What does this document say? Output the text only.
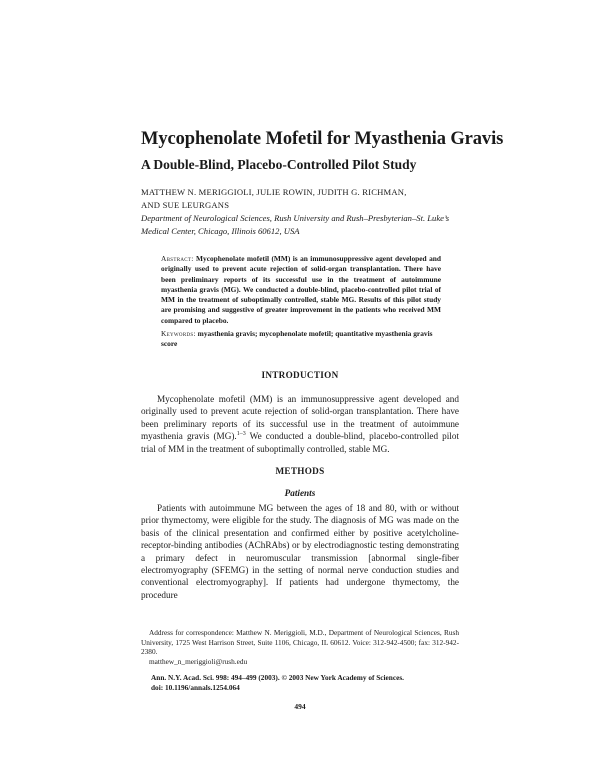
Mycophenolate Mofetil for Myasthenia Gravis
A Double-Blind, Placebo-Controlled Pilot Study
MATTHEW N. MERIGGIOLI, JULIE ROWIN, JUDITH G. RICHMAN,
AND SUE LEURGANS
Department of Neurological Sciences, Rush University and Rush–Presbyterian–St. Luke’s Medical Center, Chicago, Illinois 60612, USA
Abstract: Mycophenolate mofetil (MM) is an immunosuppressive agent developed and originally used to prevent acute rejection of solid-organ transplantation. There have been preliminary reports of its successful use in the treatment of autoimmune myasthenia gravis (MG). We conducted a double-blind, placebo-controlled pilot trial of MM in the treatment of suboptimally controlled, stable MG. Results of this pilot study are promising and suggestive of greater improvement in the patients who received MM compared to placebo.
Keywords: myasthenia gravis; mycophenolate mofetil; quantitative myasthenia gravis score
INTRODUCTION
Mycophenolate mofetil (MM) is an immunosuppressive agent developed and originally used to prevent acute rejection of solid-organ transplantation. There have been preliminary reports of its successful use in the treatment of autoimmune myasthenia gravis (MG).$^{1-3}$ We conducted a double-blind, placebo-controlled pilot trial of MM in the treatment of suboptimally controlled, stable MG.
METHODS
Patients
Patients with autoimmune MG between the ages of 18 and 80, with or without prior thymectomy, were eligible for the study. The diagnosis of MG was made on the basis of the clinical presentation and confirmed either by positive acetylcholine-receptor-binding antibodies (AChRAbs) or by electrodiagnostic testing demonstrating a primary defect in neuromuscular transmission [abnormal single-fiber electromyography (SFEMG) in the setting of normal nerve conduction studies and conventional electromyography]. If patients had undergone thymectomy, the procedure

Address for correspondence: Matthew N. Meriggioli, M.D., Department of Neurological Sciences, Rush University, 1725 West Harrison Street, Suite 1106, Chicago, IL 60612. Voice: 312-942-4500; fax: 312-942-2380.

matthew_n_meriggioli@rush.edu

Ann. N.Y. Acad. Sci. 998: 494–499 (2003). © 2003 New York Academy of Sciences.
doi: 10.1196/annals.1254.064
494
